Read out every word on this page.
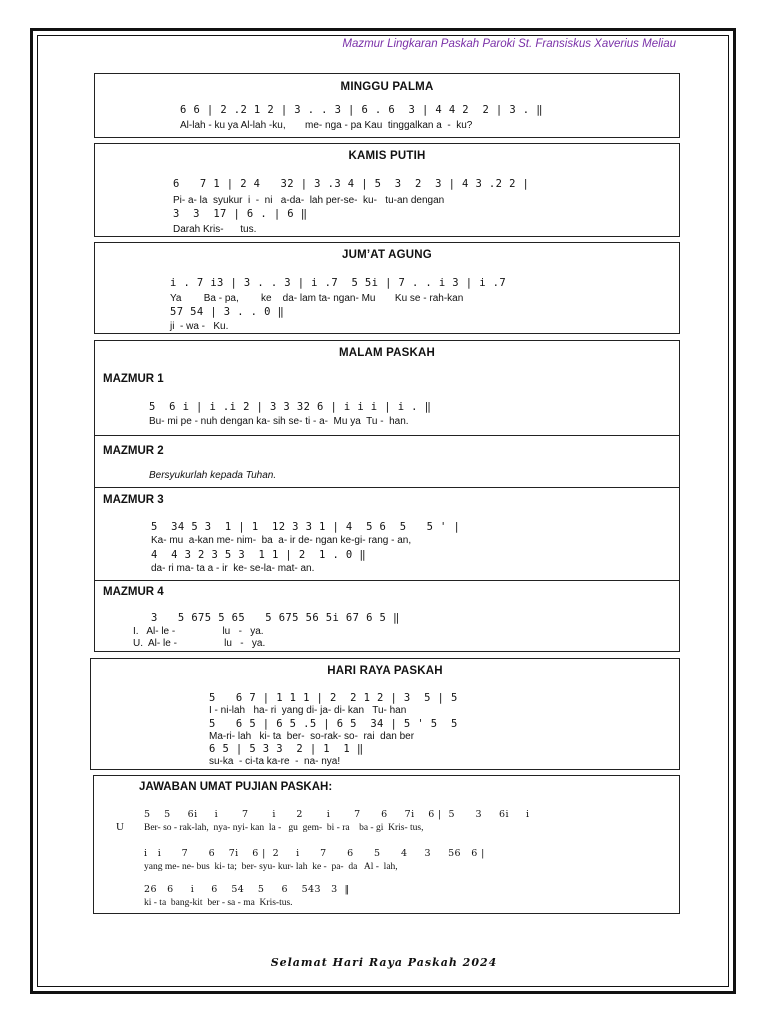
Mazmur Lingkaran Paskah Paroki St. Fransiskus Xaverius Meliau
MINGGU PALMA
6 6 | 2 .2 1 2 | 3 . . 3 | 6 . 6  3 | 4 4 2  2 | 3 . ‖
Al-lah - ku ya Al-lah -ku,       me- nga - pa Kau  tinggalkan a  -  ku?
KAMIS PUTIH
6   7 1 | 2 4   32 | 3 .3 4 | 5  3  2  3 | 4 3 .2 2 |
Pi- a- la  syukur  i  -  ni   a-da-  lah per-se-  ku-   tu-an dengan
3  3  17 | 6 . | 6 ‖
Darah Kris-      tus.
JUM’AT AGUNG
i . 7 i3 | 3 . . 3 | i .7  5 5i | 7 . . i 3 | i .7
Ya        Ba - pa,        ke    da- lam ta- ngan- Mu       Ku se - rah-kan
57 54 | 3 . . 0 ‖
ji  - wa -   Ku.
MALAM PASKAH
MAZMUR 1
5  6 i | i .i 2 | 3 3 32 6 | i i i | i . ‖
Bu- mi pe - nuh dengan ka- sih se- ti - a-  Mu ya  Tu -  han.
MAZMUR 2
Bersyukurlah kepada Tuhan.
MAZMUR 3
5  34 5 3  1 | 1  12 3 3 1 | 4  5 6  5   5 ' |
Ka- mu  a-kan me- nim-  ba  a- ir de- ngan ke-gi- rang - an,
4  4 3 2 3 5 3  1 1 | 2  1 . 0 ‖
da- ri ma- ta a - ir  ke- se-la- mat- an.
MAZMUR 4
3   5 675 5 65   5 675 56 5i 67 6 5 ‖
I.   Al- le -                 lu   -   ya.
U.  Al- le -                 lu   -   ya.
HARI RAYA PASKAH
5   6 7 | 1 1 1 | 2  2 1 2 | 3  5 | 5
I - ni-lah   ha- ri  yang di- ja- di- kan   Tu- han
5   6 5 | 6 5 .5 | 6 5  34 | 5 ' 5  5
Ma-ri- lah   ki- ta  ber-  so-rak- so-  rai  dan ber
6 5 | 5 3 3  2 | 1  1 ‖
su-ka  - ci-ta ka-re  -  na- nya!
JAWABAN UMAT PUJIAN PASKAH:
U
5    5     6i     i       7       i      2       i       7      6     7i    6 |  5      3     6i     i
Ber- so - rak-lah,  nya- nyi- kan  la -   gu  gem-  bi - ra    ba - gi  Kris- tus,
i   i      7      6    7i    6 |  2     i      7      6      5      4     3     56   6 |
yang me- ne- bus  ki- ta;  ber- syu- kur- lah  ke -  pa-  da   Al -  lah,
26   6     i     6    54    5     6    543   3  ‖
ki - ta  bang-kit  ber - sa - ma  Kris-tus.
Selamat Hari Raya Paskah 2024
